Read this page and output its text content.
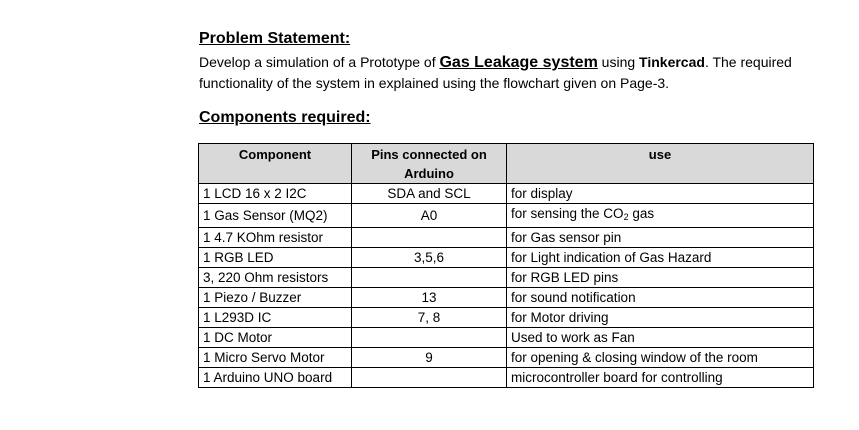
Problem Statement:
Develop a simulation of a Prototype of Gas Leakage system using Tinkercad. The required functionality of the system in explained using the flowchart given on Page-3.
Components required:
Component	Pins connected on Arduino	use
1 LCD 16 x 2 I2C	SDA and SCL	for display
1 Gas Sensor (MQ2)	A0	for sensing the $CO_2$ gas
1 4.7 KOhm resistor		for Gas sensor pin
1 RGB LED	3,5,6	for Light indication of Gas Hazard
3, 220 Ohm resistors		for RGB LED pins
1 Piezo / Buzzer	13	for sound notification
1 L293D IC	7, 8	for Motor driving
1 DC Motor		Used to work as Fan
1 Micro Servo Motor	9	for opening & closing window of the room
1 Arduino UNO board		microcontroller board for controlling
